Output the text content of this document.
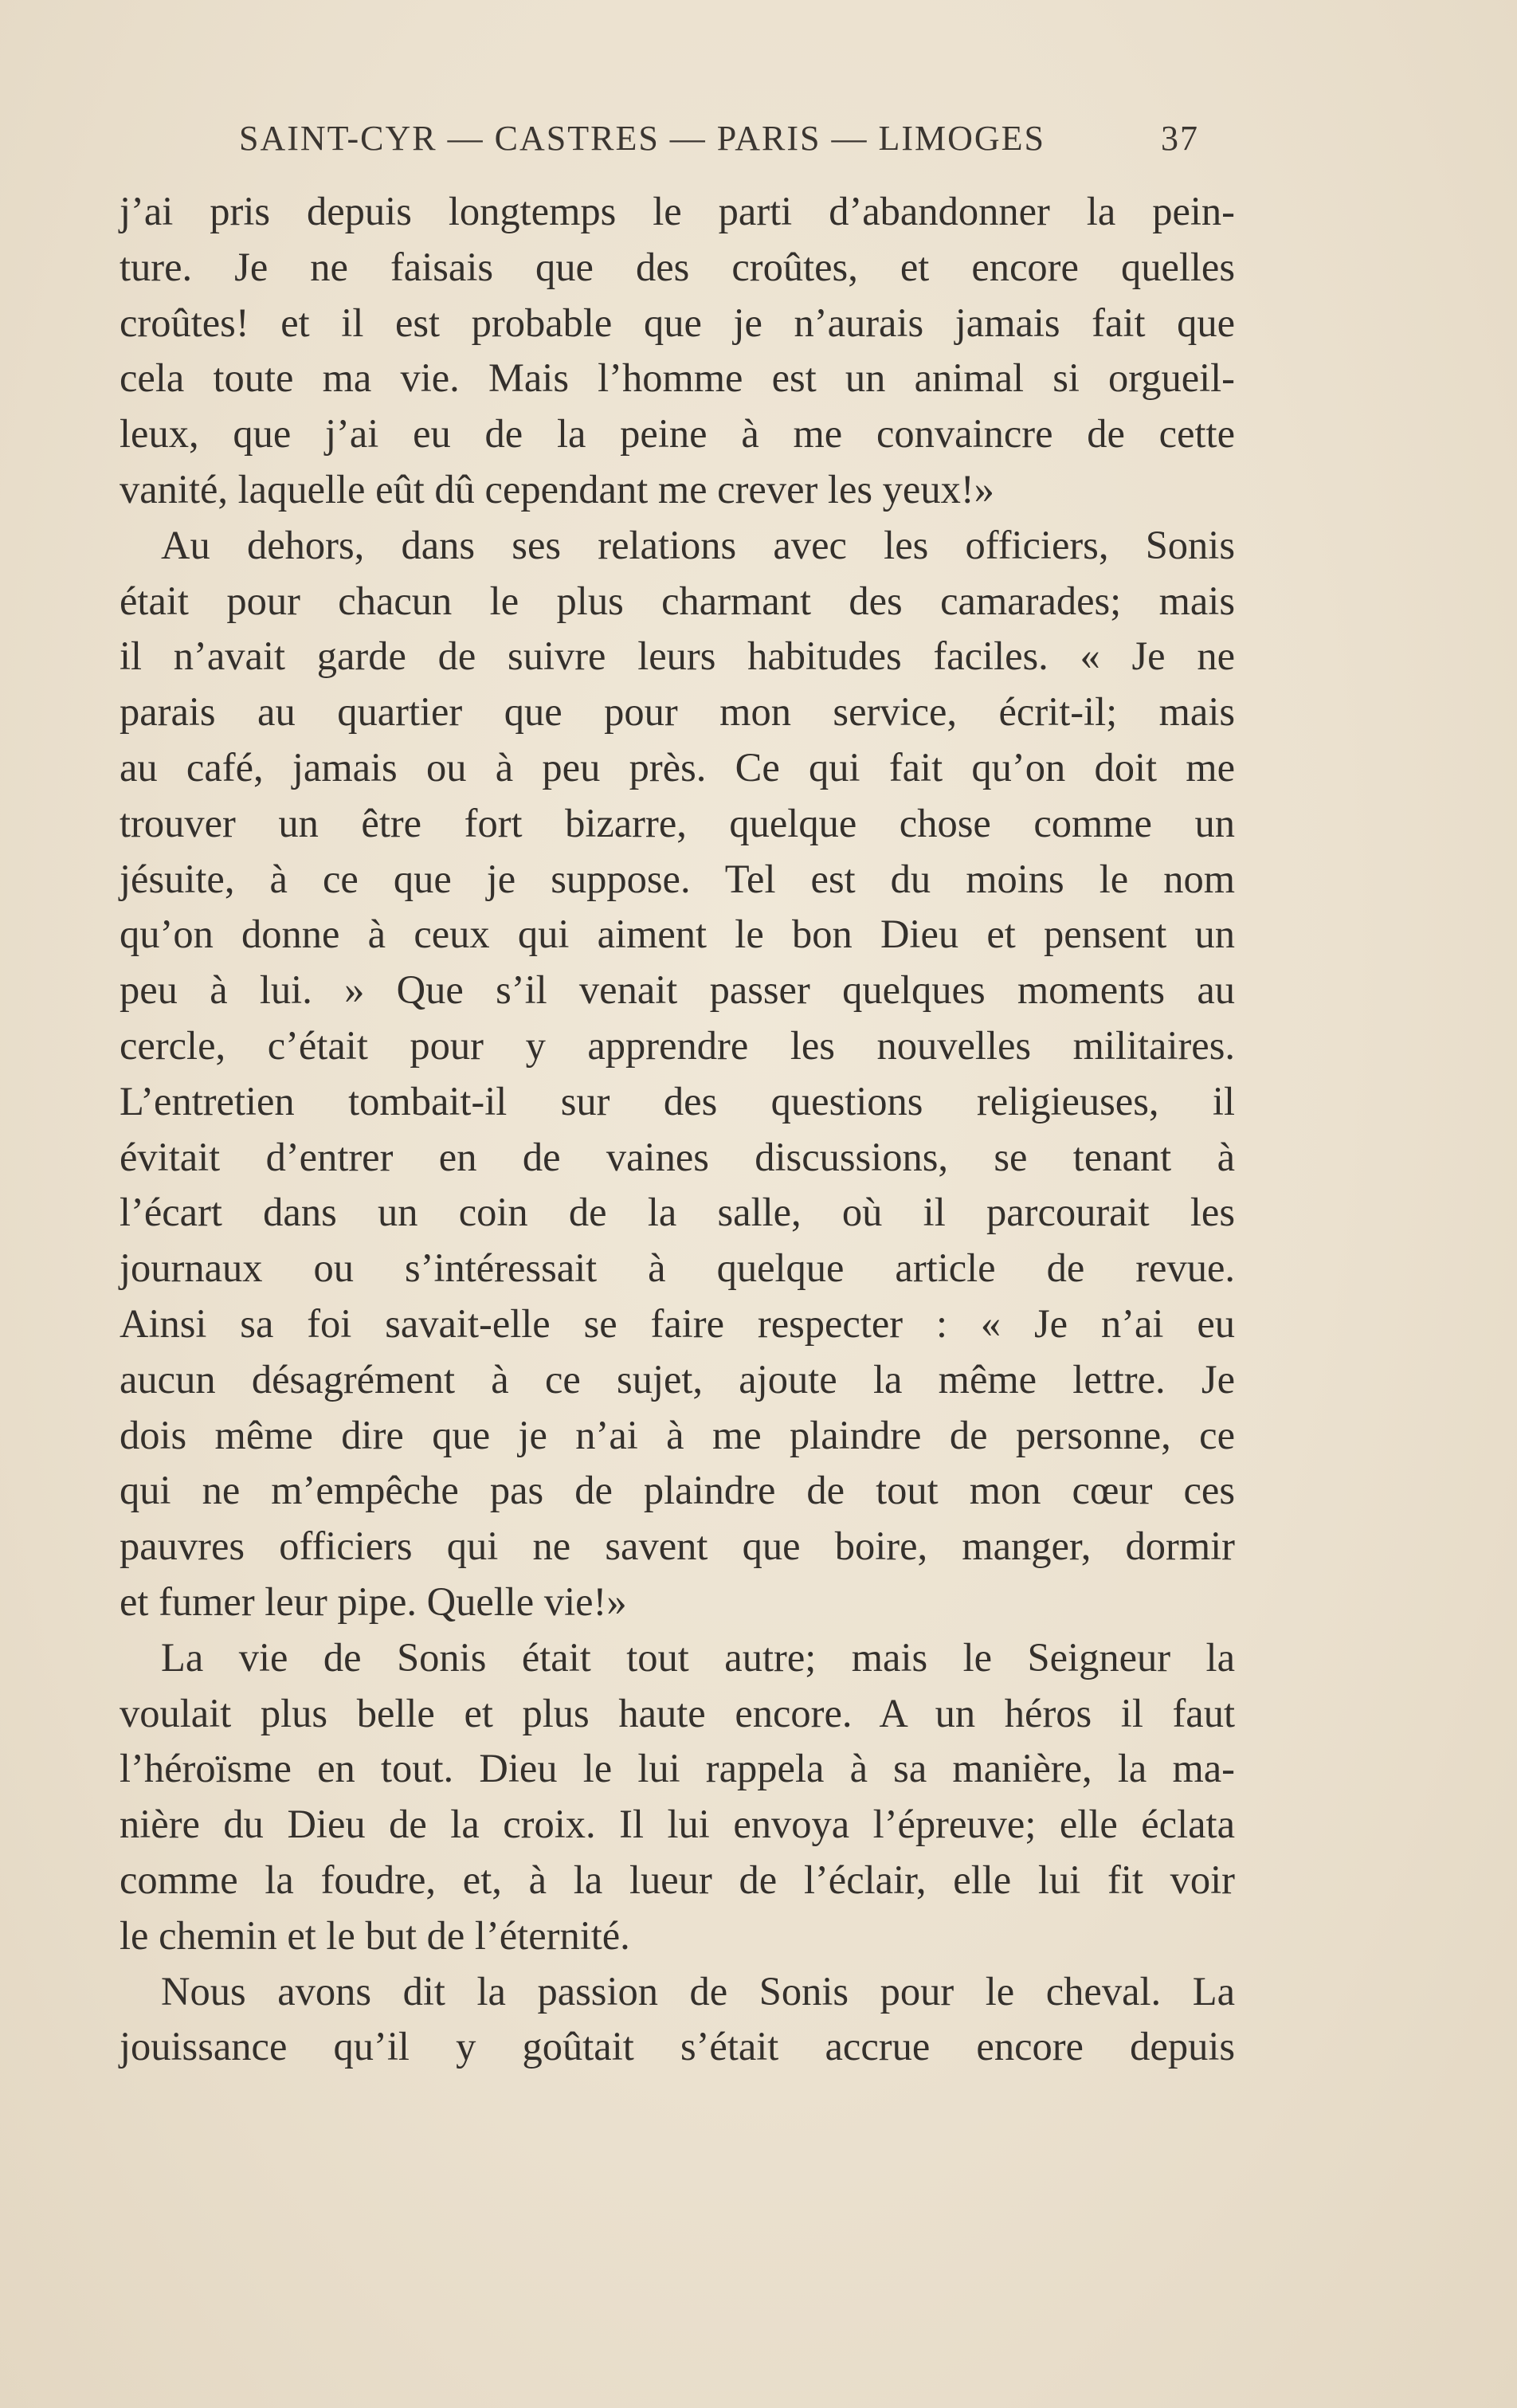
SAINT-CYR — CASTRES — PARIS — LIMOGES	37
j’ai pris depuis longtemps le parti d’abandonner la pein-
ture. Je ne faisais que des croûtes, et encore quelles
croûtes! et il est probable que je n’aurais jamais fait que
cela toute ma vie. Mais l’homme est un animal si orgueil-
leux, que j’ai eu de la peine à me convaincre de cette
vanité, laquelle eût dû cependant me crever les yeux!»
Au dehors, dans ses relations avec les officiers, Sonis
était pour chacun le plus charmant des camarades; mais
il n’avait garde de suivre leurs habitudes faciles. « Je ne
parais au quartier que pour mon service, écrit-il; mais
au café, jamais ou à peu près. Ce qui fait qu’on doit me
trouver un être fort bizarre, quelque chose comme un
jésuite, à ce que je suppose. Tel est du moins le nom
qu’on donne à ceux qui aiment le bon Dieu et pensent un
peu à lui. » Que s’il venait passer quelques moments au
cercle, c’était pour y apprendre les nouvelles militaires.
L’entretien tombait-il sur des questions religieuses, il
évitait d’entrer en de vaines discussions, se tenant à
l’écart dans un coin de la salle, où il parcourait les
journaux ou s’intéressait à quelque article de revue.
Ainsi sa foi savait-elle se faire respecter : « Je n’ai eu
aucun désagrément à ce sujet, ajoute la même lettre. Je
dois même dire que je n’ai à me plaindre de personne, ce
qui ne m’empêche pas de plaindre de tout mon cœur ces
pauvres officiers qui ne savent que boire, manger, dormir
et fumer leur pipe. Quelle vie!»
La vie de Sonis était tout autre; mais le Seigneur la
voulait plus belle et plus haute encore. A un héros il faut
l’héroïsme en tout. Dieu le lui rappela à sa manière, la ma-
nière du Dieu de la croix. Il lui envoya l’épreuve; elle éclata
comme la foudre, et, à la lueur de l’éclair, elle lui fit voir
le chemin et le but de l’éternité.
Nous avons dit la passion de Sonis pour le cheval. La
jouissance qu’il y goûtait s’était accrue encore depuis
